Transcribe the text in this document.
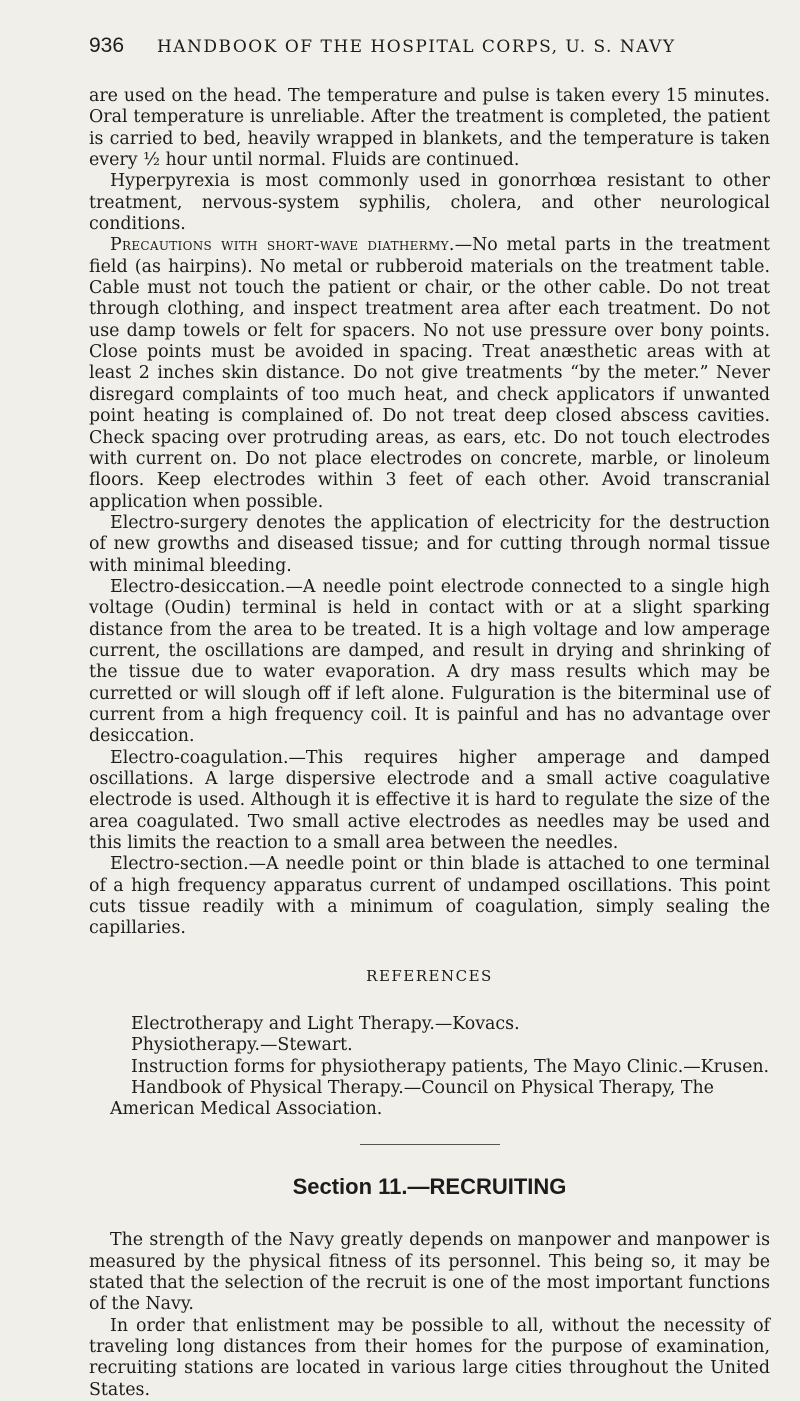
936 HANDBOOK OF THE HOSPITAL CORPS, U. S. NAVY

are used on the head. The temperature and pulse is taken every 15 minutes. Oral temperature is unreliable. After the treatment is completed, the patient is carried to bed, heavily wrapped in blankets, and the temperature is taken every ½ hour until normal. Fluids are continued.

Hyperpyrexia is most commonly used in gonorrhœa resistant to other treatment, nervous-system syphilis, cholera, and other neurological conditions.

Precautions with short-wave diathermy.—No metal parts in the treatment field (as hairpins). No metal or rubberoid materials on the treatment table. Cable must not touch the patient or chair, or the other cable. Do not treat through clothing, and inspect treatment area after each treatment. Do not use damp towels or felt for spacers. No not use pressure over bony points. Close points must be avoided in spacing. Treat anæsthetic areas with at least 2 inches skin distance. Do not give treatments “by the meter.” Never disregard complaints of too much heat, and check applicators if unwanted point heating is complained of. Do not treat deep closed abscess cavities. Check spacing over protruding areas, as ears, etc. Do not touch electrodes with current on. Do not place electrodes on concrete, marble, or linoleum floors. Keep electrodes within 3 feet of each other. Avoid transcranial application when possible.

Electro-surgery denotes the application of electricity for the destruction of new growths and diseased tissue; and for cutting through normal tissue with minimal bleeding.

Electro-desiccation.—A needle point electrode connected to a single high voltage (Oudin) terminal is held in contact with or at a slight sparking distance from the area to be treated. It is a high voltage and low amperage current, the oscillations are damped, and result in drying and shrinking of the tissue due to water evaporation. A dry mass results which may be curretted or will slough off if left alone. Fulguration is the biterminal use of current from a high frequency coil. It is painful and has no advantage over desiccation.

Electro-coagulation.—This requires higher amperage and damped oscillations. A large dispersive electrode and a small active coagulative electrode is used. Although it is effective it is hard to regulate the size of the area coagulated. Two small active electrodes as needles may be used and this limits the reaction to a small area between the needles.

Electro-section.—A needle point or thin blade is attached to one terminal of a high frequency apparatus current of undamped oscillations. This point cuts tissue readily with a minimum of coagulation, simply sealing the capillaries.

REFERENCES

Electrotherapy and Light Therapy.—Kovacs.

Physiotherapy.—Stewart.

Instruction forms for physiotherapy patients, The Mayo Clinic.—Krusen.

Handbook of Physical Therapy.—Council on Physical Therapy, The American Medical Association.

Section 11.—RECRUITING

The strength of the Navy greatly depends on manpower and manpower is measured by the physical fitness of its personnel. This being so, it may be stated that the selection of the recruit is one of the most important functions of the Navy.

In order that enlistment may be possible to all, without the necessity of traveling long distances from their homes for the purpose of examination, recruiting stations are located in various large cities throughout the United States.
